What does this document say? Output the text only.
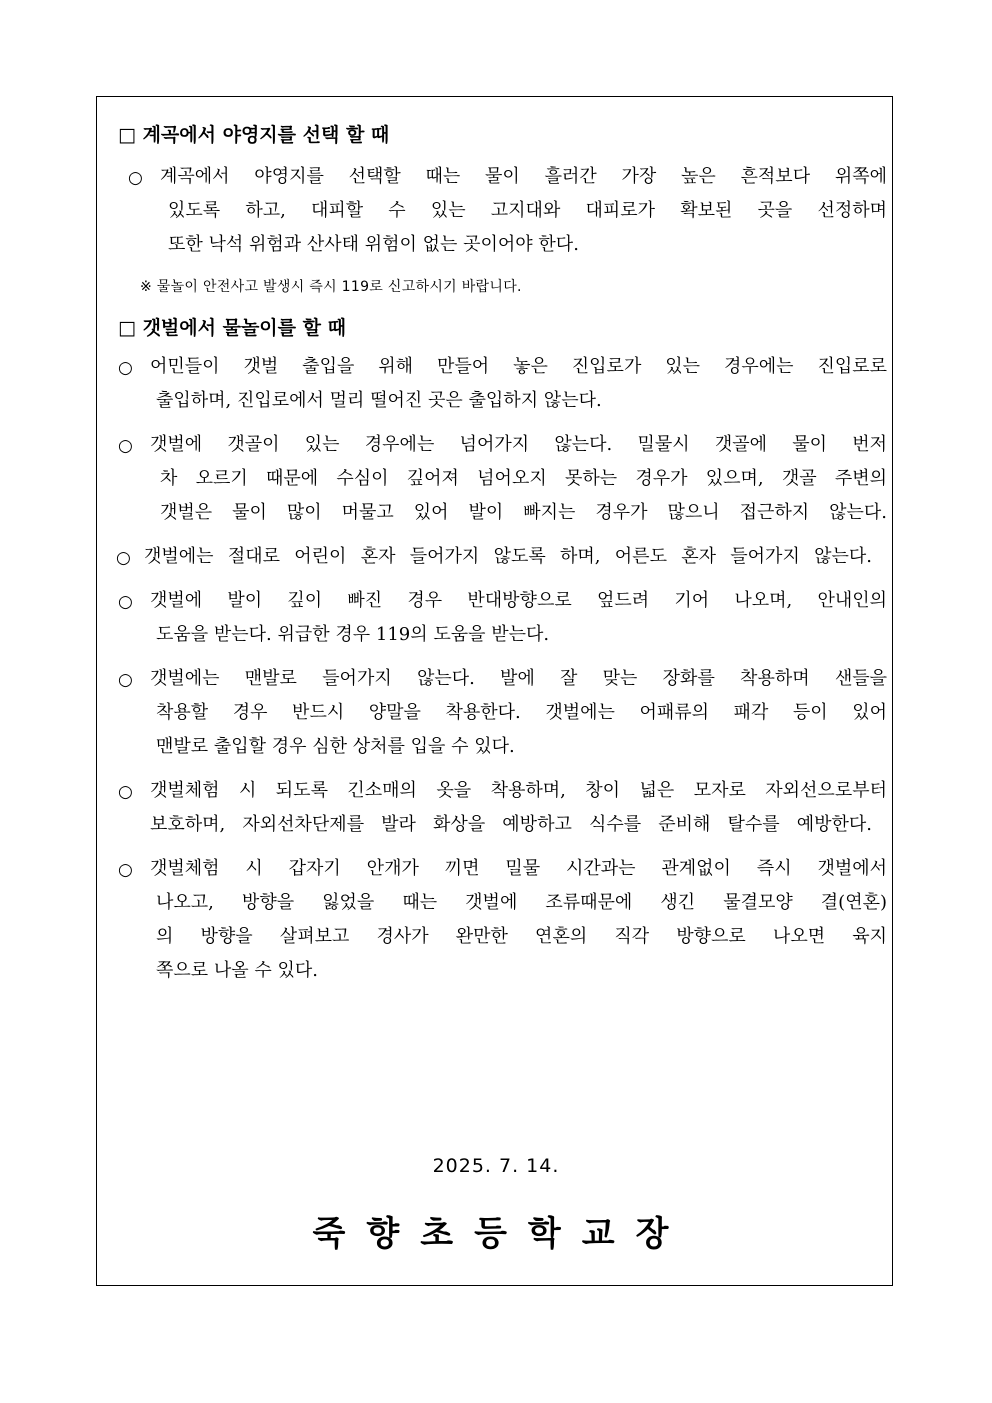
□ 계곡에서 야영지를 선택 할 때
○ 계곡에서 야영지를 선택할 때는 물이 흘러간 가장 높은 흔적보다 위쪽에
있도록 하고, 대피할 수 있는 고지대와 대피로가 확보된 곳을 선정하며
또한 낙석 위험과 산사태 위험이 없는 곳이어야 한다.
※ 물놀이 안전사고 발생시 즉시 119로 신고하시기 바랍니다.
□ 갯벌에서 물놀이를 할 때
○ 어민들이 갯벌 출입을 위해 만들어 놓은 진입로가 있는 경우에는 진입로로
출입하며, 진입로에서 멀리 떨어진 곳은 출입하지 않는다.
○ 갯벌에 갯골이 있는 경우에는 넘어가지 않는다. 밀물시 갯골에 물이 번저
차 오르기 때문에 수심이 깊어져 넘어오지 못하는 경우가 있으며, 갯골 주변의
갯벌은 물이 많이 머물고 있어 발이 빠지는 경우가 많으니 접근하지 않는다.
○ 갯벌에는 절대로 어린이 혼자 들어가지 않도록 하며, 어른도 혼자 들어가지 않는다.
○ 갯벌에 발이 깊이 빠진 경우 반대방향으로 엎드려 기어 나오며, 안내인의
도움을 받는다. 위급한 경우 119의 도움을 받는다.
○ 갯벌에는 맨발로 들어가지 않는다. 발에 잘 맞는 장화를 착용하며 샌들을
착용할 경우 반드시 양말을 착용한다. 갯벌에는 어패류의 패각 등이 있어
맨발로 출입할 경우 심한 상처를 입을 수 있다.
○ 갯벌체험 시 되도록 긴소매의 옷을 착용하며, 창이 넓은 모자로 자외선으로부터
보호하며, 자외선차단제를 발라 화상을 예방하고 식수를 준비해 탈수를 예방한다.
○ 갯벌체험 시 갑자기 안개가 끼면 밀물 시간과는 관계없이 즉시 갯벌에서
나오고, 방향을 잃었을 때는 갯벌에 조류때문에 생긴 물결모양 결(연혼)
의 방향을 살펴보고 경사가 완만한 연혼의 직각 방향으로 나오면 육지
쪽으로 나올 수 있다.
2025. 7. 14.
죽향초등학교장
